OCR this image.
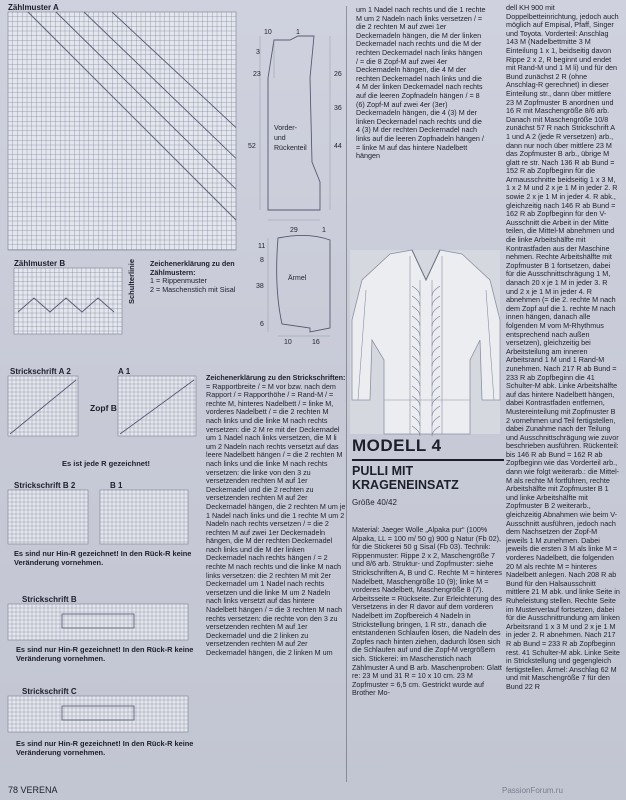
Zählmuster A
Zählmuster B	Schulterlinie Zeichenerklärung zu den Zählmustern:

1 = Rippenmuster

2 = Maschenstich mit Sisal

3
23
52
26
36
44
10	1
29	1
Vorder-
und
Rückenteil
11
8
38
6
10	16
Ärmel
um 1 Nadel nach rechts und die 1 rechte M um 2 Nadeln nach links versetzen / = die 2 rechten M auf zwei 1er Deckernadeln hängen, die M der linken Deckernadel nach rechts und die M der rechten Deckernadel nach links hängen / = die 8 Zopf-M auf zwei 4er Deckernadeln hängen, die 4 M der rechten Deckernadel nach links und die 4 M der linken Deckernadel nach rechts auf die leeren Zopfnadeln hängen / = 8 (6) Zopf-M auf zwei 4er (3er) Deckernadeln hängen, die 4 (3) M der linken Deckernadel nach rechts und die 4 (3) M der rechten Deckernadel nach links auf die leeren Zopfnadeln hängen / = linke M auf das hintere Nadelbett hängen
MODELL 4
PULLI MIT KRAGENEINSATZ
Größe 40/42
Material: Jaeger Wolle „Alpaka pur“ (100% Alpaka, LL = 100 m/ 50 g) 900 g Natur (Fb 02), für die Stickerei 50 g Sisal (Fb 03). Technik: Rippenmuster: Rippe 2 x 2, Maschengröße 7 und 8/6 arb. Struktur- und Zopfmuster: siehe Strickschriften A, B und C. Rechte M = hinteres Nadelbett, Maschengröße 10 (9); linke M = vorderes Nadelbett, Maschengröße 8 (7). Arbeitsseite = Rückseite. Zur Erleichterung des Versetzens in der R davor auf dem vorderen Nadelbett im Zopfbereich 4 Nadeln in Strickstellung bringen, 1 R str., danach die entstandenen Schlaufen lösen, die Nadeln des Zopfes nach hinten ziehen, dadurch lösen sich die Schlaufen auf und die Zopf-M vergrößern sich. Stickerei: im Maschenstich nach Zählmuster A und B arb. Maschenproben: Glatt re: 23 M und 31 R = 10 x 10 cm. 23 M Zopfmuster = 6,5 cm. Gestrickt wurde auf Brother Mo-
dell KH 900 mit Doppelbetteinrichtung, jedoch auch möglich auf Empisal, Pfaff, Singer und Toyota. Vorderteil: Anschlag 143 M (Nadelbettmitte 3 M Einteilung 1 x 1, beidseitig davon Rippe 2 x 2, R beginnt und endet mit Rand-M und 1 M li) und für den Bund zunächst 2 R (ohne Anschlag-R gerechnet) in dieser Einteilung str., dann über mittlere 23 M Zopfmuster B anordnen und 16 R mit Maschengröße 8/6 arb. Danach mit Maschengröße 10/8 zunächst 57 R nach Strickschrift A 1 und A 2 (jede R versetzen) arb., dann nur noch über mittlere 23 M das Zopfmuster B arb., übrige M glatt re str. Nach 136 R ab Bund = 152 R ab Zopfbeginn für die Armausschnitte beidseitig 1 x 3 M, 1 x 2 M und 2 x je 1 M in jeder 2. R sowie 2 x je 1 M in jeder 4. R abk., gleichzeitig nach 146 R ab Bund = 162 R ab Zopfbeginn für den V-Ausschnitt die Arbeit in der Mitte teilen, die Mittel-M abnehmen und die linke Arbeitshälfte mit Kontrastfaden aus der Maschine nehmen. Rechte Arbeitshälfte mit Zopfmuster B 1 fortsetzen, dabei für die Ausschnittschrägung 1 M, danach 20 x je 1 M in jeder 3. R und 2 x je 1 M in jeder 4. R abnehmen (= die 2. rechte M nach dem Zopf auf die 1. rechte M nach innen hängen, danach alle folgenden M vom M-Rhythmus entsprechend nach außen versetzen), gleichzeitig bei Arbeitsteilung am inneren Arbeitsrand 1 M und 1 Rand-M zunehmen. Nach 217 R ab Bund = 233 R ab Zopfbeginn die 41 Schulter-M abk. Linke Arbeitshälfte auf das hintere Nadelbett hängen, dabei Kontrastfaden entfernen, Mustereinteilung mit Zopfmuster B 2 vornehmen und Teil fertigstellen, dabei Zunahme nach der Teilung und Ausschnittschrägung wie zuvor beschrieben ausführen. Rückenteil: bis 146 R ab Bund = 162 R ab Zopfbeginn wie das Vorderteil arb., dann wie folgt weiterarb.: die Mittel-M als rechte M fortführen, rechte Arbeitshälfte mit Zopfmuster B 1 und linke Arbeitshälfte mit Zopfmuster B 2 weiterarb., gleichzeitig Abnahmen wie beim V-Ausschnitt ausführen, jedoch nach dem Nachsetzen der Zopf-M jeweils 1 M zunehmen. Dabei jeweils die ersten 3 M als linke M = vorderes Nadelbett, die folgenden 20 M als rechte M = hinteres Nadelbett anlegen. Nach 208 R ab Bund für den Halsausschnitt mittlere 21 M abk. und linke Seite in Ruheleistung stellen. Rechte Seite im Musterverlauf fortsetzen, dabei für die Ausschnittrundung am linken Arbeitsrand 1 x 3 M und 2 x je 1 M in jeder 2. R abnehmen. Nach 217 R ab Bund = 233 R ab Zopfbeginn rest. 41 Schulter-M abk. Linke Seite in Strickstellung und gegengleich fertigstellen. Ärmel: Anschlag 62 M und mit Maschengröße 7 für den Bund 22 R
Strickschrift A 2	A 1
Zopf B
Es ist jede R gezeichnet!

Zeichenerklärung zu den Strickschriften:

= Rapportbreite / = M vor bzw. nach dem Rapport / = Rapporthöhe / = Rand-M / = rechte M, hinteres Nadelbett / = linke M, vorderes Nadelbett / = die 2 rechten M nach links und die linke M nach rechts versetzen: die 2 M re mit der Deckernadel um 1 Nadel nach links versetzen, die M li um 2 Nadeln nach rechts versetzt auf das leere Nadelbett hängen / = die 2 rechten M nach links und die linke M nach rechts versetzen: die linke von den 3 zu versetzenden rechten M auf 1er Deckernadel und die 2 rechten zu versetzenden rechten M auf 2er Deckernadel hängen, die 2 rechten M um je 1 Nadel nach links und die 1 rechte M um 2 Nadeln nach rechts versetzen / = die 2 rechten M auf zwei 1er Deckernadeln hängen, die M der rechten Deckernadel nach links und die M der linken Deckernadel nach rechts hängen / = 2 rechte M nach rechts und die linke M nach links versetzen: die 2 rechten M mit 2er Deckernadel um 1 Nadel nach rechts versetzen und die linke M um 2 Nadeln nach links versetzt auf das hintere Nadelbett hängen / = die 3 rechten M nach rechts versetzen: die rechte von den 3 zu versetzenden rechten M auf 1er Deckernadel und die 2 linken zu versetzenden rechten M auf 2er Deckernadel hängen, die 2 linken M um

Strickschrift B 2	B 1
Es sind nur Hin-R gezeichnet! In den Rück-R keine Veränderung vornehmen.
Strickschrift B
Es sind nur Hin-R gezeichnet! In den Rück-R keine Veränderung vornehmen.
Strickschrift C
Es sind nur Hin-R gezeichnet! In den Rück-R keine Veränderung vornehmen.
78 VERENA	PassionForum.ru
